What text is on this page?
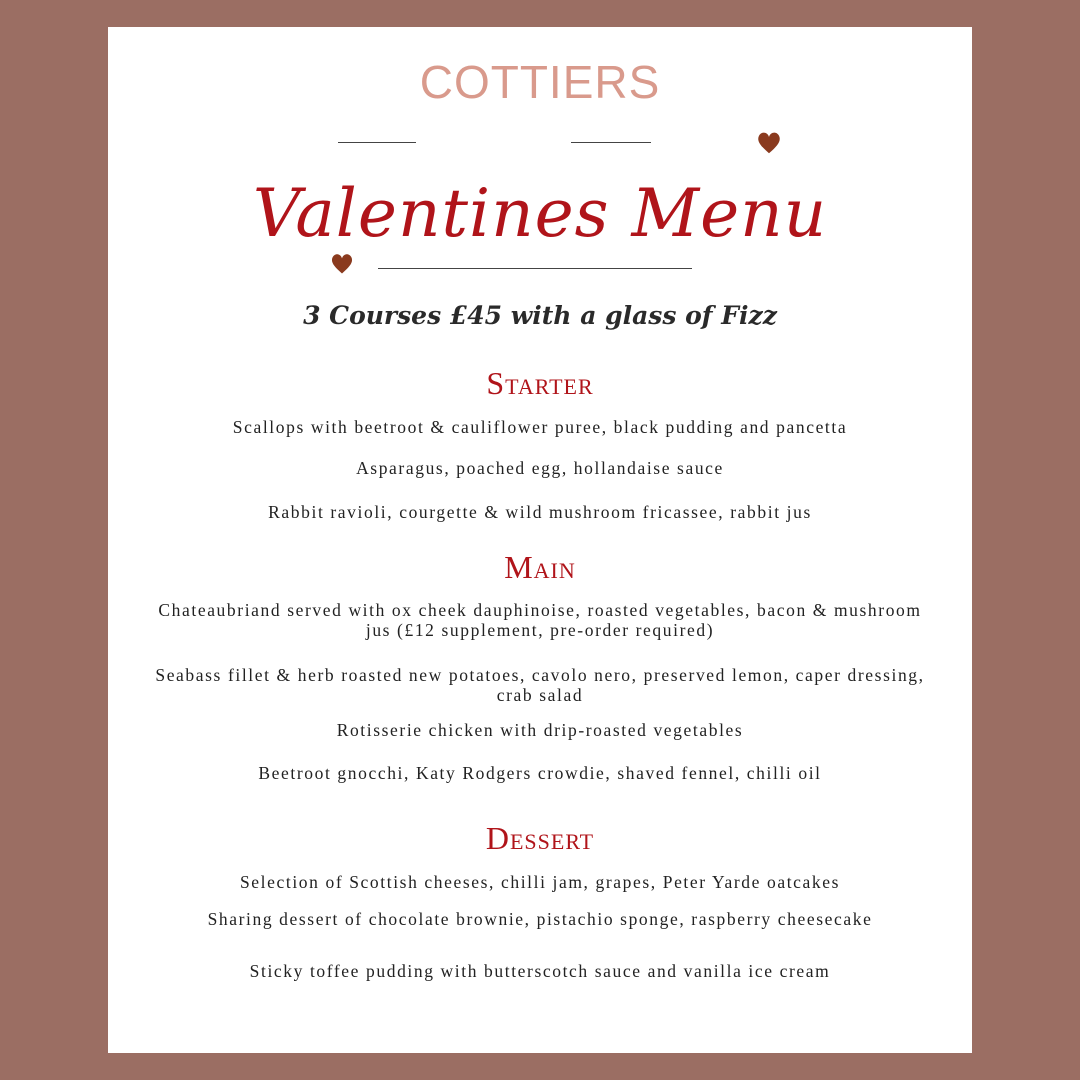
COTTIERS
Valentines Menu
3 Courses £45 with a glass of Fizz
Starter
Scallops with beetroot & cauliflower puree, black pudding and pancetta
Asparagus, poached egg, hollandaise sauce
Rabbit ravioli, courgette & wild mushroom fricassee, rabbit jus
Main
Chateaubriand served with ox cheek dauphinoise, roasted vegetables, bacon & mushroom jus (£12 supplement, pre-order required)
Seabass fillet & herb roasted new potatoes, cavolo nero, preserved lemon, caper dressing, crab salad
Rotisserie chicken with drip-roasted vegetables
Beetroot gnocchi, Katy Rodgers crowdie, shaved fennel, chilli oil
Dessert
Selection of Scottish cheeses, chilli jam, grapes, Peter Yarde oatcakes
Sharing dessert of chocolate brownie, pistachio sponge, raspberry cheesecake
Sticky toffee pudding with butterscotch sauce and vanilla ice cream
